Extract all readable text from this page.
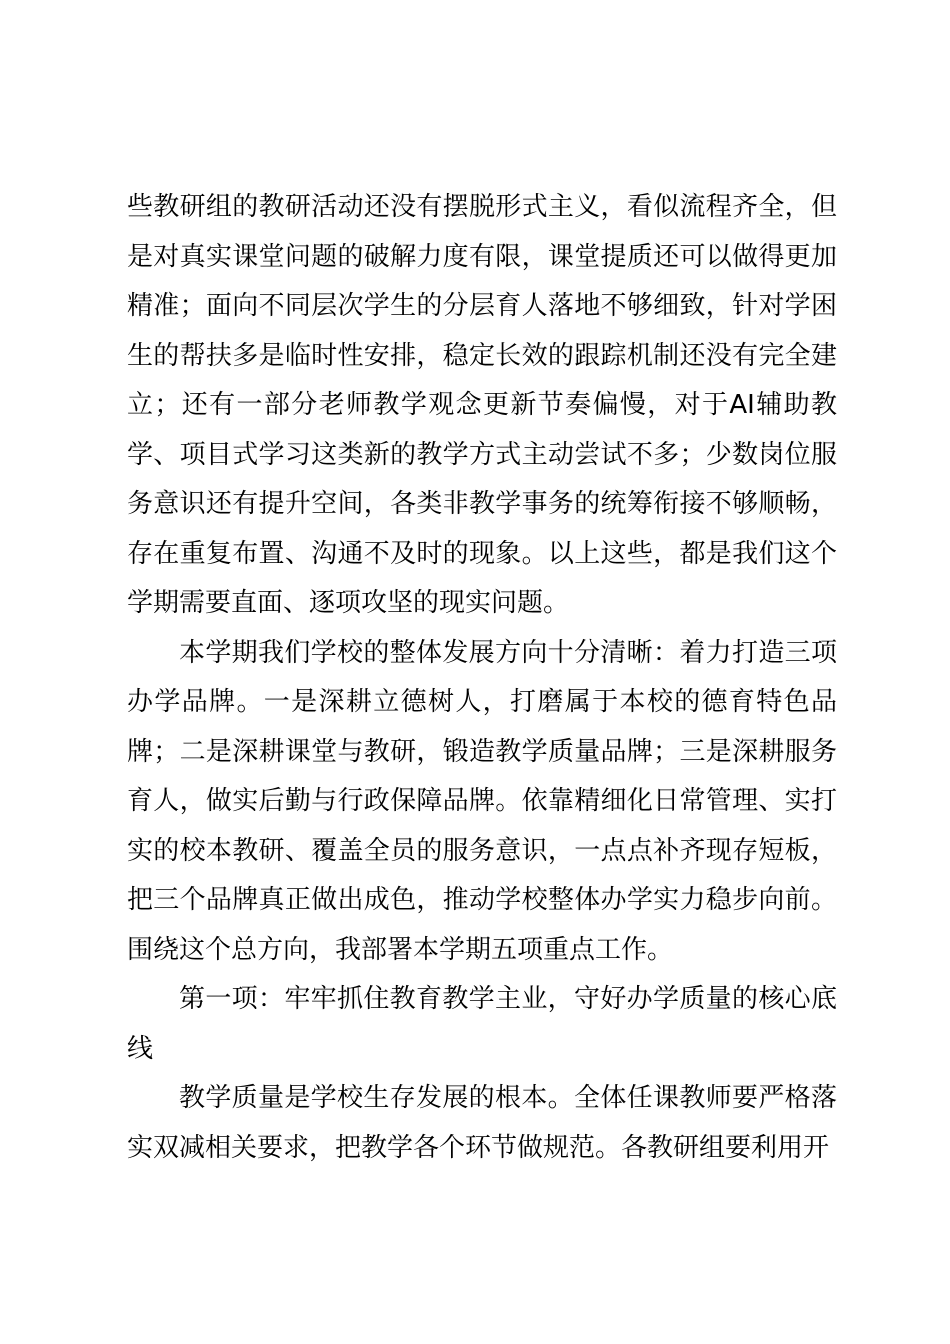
些教研组的教研活动还没有摆脱形式主义，看似流程齐全，但是对真实课堂问题的破解力度有限，课堂提质还可以做得更加精准；面向不同层次学生的分层育人落地不够细致，针对学困生的帮扶多是临时性安排，稳定长效的跟踪机制还没有完全建立；还有一部分老师教学观念更新节奏偏慢，对于AI辅助教学、项目式学习这类新的教学方式主动尝试不多；少数岗位服务意识还有提升空间，各类非教学事务的统筹衔接不够顺畅，存在重复布置、沟通不及时的现象。以上这些，都是我们这个学期需要直面、逐项攻坚的现实问题。

本学期我们学校的整体发展方向十分清晰：着力打造三项办学品牌。一是深耕立德树人，打磨属于本校的德育特色品牌；二是深耕课堂与教研，锻造教学质量品牌；三是深耕服务育人，做实后勤与行政保障品牌。依靠精细化日常管理、实打实的校本教研、覆盖全员的服务意识，一点点补齐现存短板，把三个品牌真正做出成色，推动学校整体办学实力稳步向前。围绕这个总方向，我部署本学期五项重点工作。

第一项：牢牢抓住教育教学主业，守好办学质量的核心底线

教学质量是学校生存发展的根本。全体任课教师要严格落实双减相关要求，把教学各个环节做规范。各教研组要利用开
